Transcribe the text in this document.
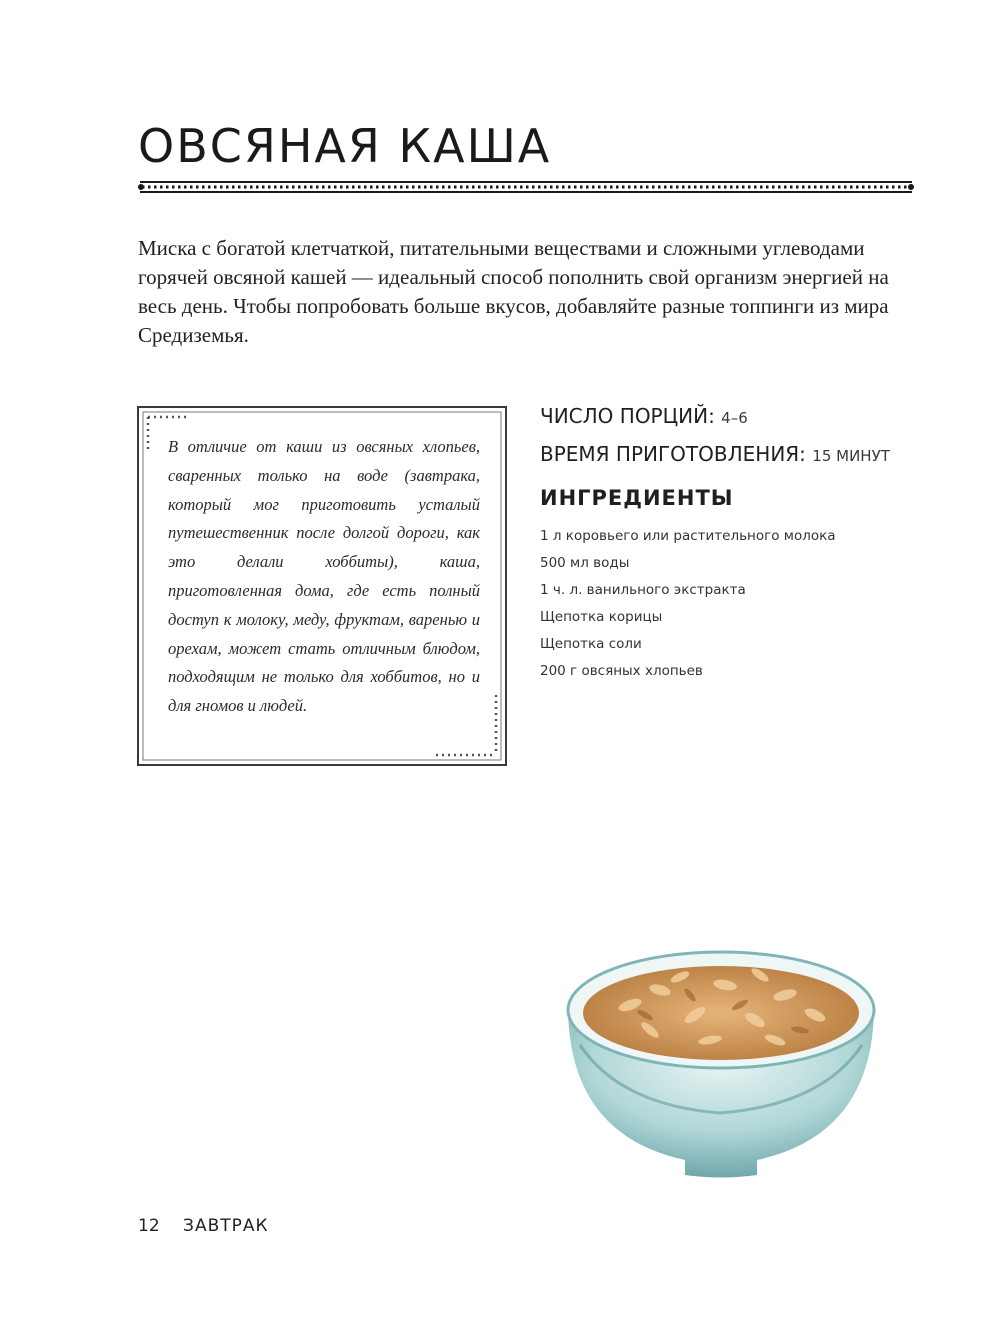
ОВСЯНАЯ КАША

Миска с богатой клетчаткой, питательными веществами и сложными углеводами горячей овсяной кашей — идеальный способ пополнить свой организм энергией на весь день. Чтобы попробовать больше вкусов, добавляйте разные топпинги из мира Средиземья.

В отличие от каши из овсяных хлопьев, сваренных только на воде (завтрака, который мог приготовить усталый путешественник после долгой дороги, как это делали хоббиты), каша, приготовленная дома, где есть полный доступ к молоку, меду, фруктам, варенью и орехам, может стать отличным блюдом, подходящим не только для хоббитов, но и для гномов и людей.

ЧИСЛО ПОРЦИЙ: 4–6
ВРЕМЯ ПРИГОТОВЛЕНИЯ: 15 МИНУТ
ИНГРЕДИЕНТЫ
1 л коровьего или растительного молока
500 мл воды
1 ч. л. ванильного экстракта
Щепотка корицы
Щепотка соли
200 г овсяных хлопьев
12 ЗАВТРАК
